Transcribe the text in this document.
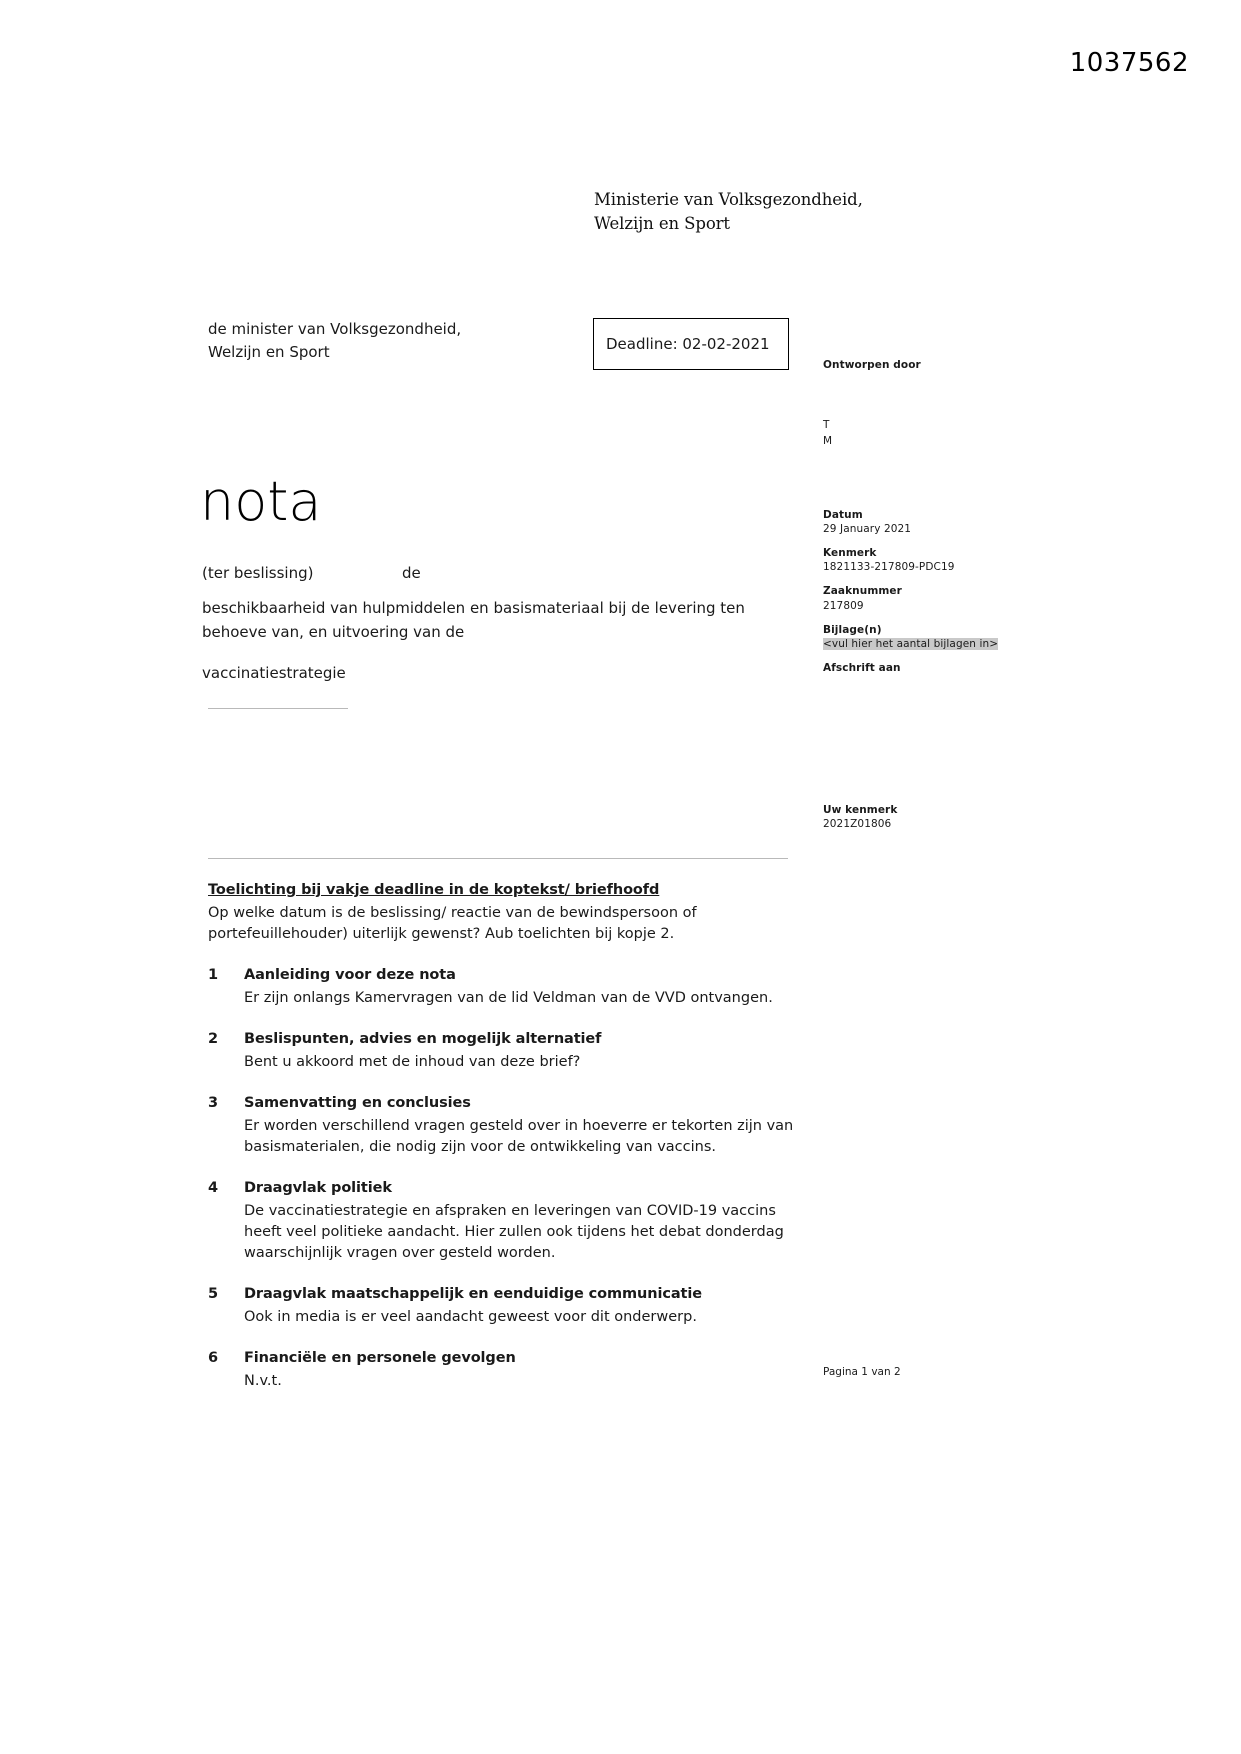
1037562
Ministerie van Volksgezondheid,
Welzijn en Sport
de minister van Volksgezondheid,
Welzijn en Sport	Deadline: 02-02-2021
Ontworpen door
T
M
Datum
29 January 2021
Kenmerk
1821133-217809-PDC19
Zaaknummer
217809
Bijlage(n)
<vul hier het aantal bijlagen in>
Afschrift aan
Uw kenmerk
2021Z01806
nota
(ter beslissing)	de
beschikbaarheid van hulpmiddelen en basismateriaal bij de levering ten behoeve van, en uitvoering van de
vaccinatiestrategie
Toelichting bij vakje deadline in de koptekst/ briefhoofd
Op welke datum is de beslissing/ reactie van de bewindspersoon of portefeuillehouder) uiterlijk gewenst? Aub toelichten bij kopje 2.
1	Aanleiding voor deze nota
Er zijn onlangs Kamervragen van de lid Veldman van de VVD ontvangen.
2	Beslispunten, advies en mogelijk alternatief
Bent u akkoord met de inhoud van deze brief?
3	Samenvatting en conclusies
Er worden verschillend vragen gesteld over in hoeverre er tekorten zijn van basismaterialen, die nodig zijn voor de ontwikkeling van vaccins.
4	Draagvlak politiek
De vaccinatiestrategie en afspraken en leveringen van COVID-19 vaccins heeft veel politieke aandacht. Hier zullen ook tijdens het debat donderdag waarschijnlijk vragen over gesteld worden.
5	Draagvlak maatschappelijk en eenduidige communicatie
Ook in media is er veel aandacht geweest voor dit onderwerp.
6	Financiële en personele gevolgen
N.v.t.
Pagina 1 van 2
